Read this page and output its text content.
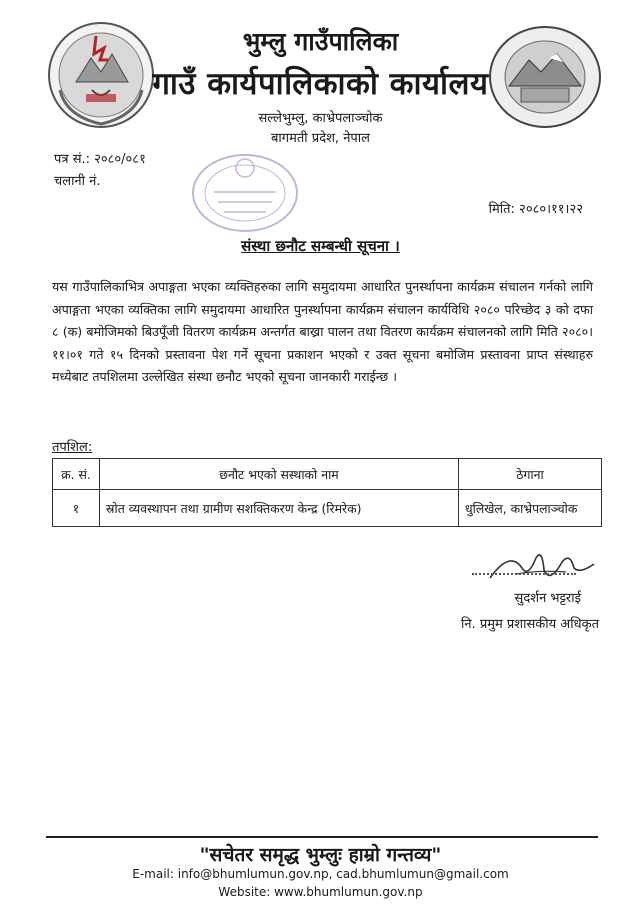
भुम्लु गाउँपालिका
गाउँ कार्यपालिकाको कार्यालय
सल्लेभुम्लु, काभ्रेपलाञ्चोक
बागमती प्रदेश, नेपाल
पत्र सं.: २०८०/०८१
चलानी नं.
मिति: २०८०।११।२२
संस्था छनौट सम्बन्धी सूचना ।
यस गाउँपालिकाभित्र अपाङ्गता भएका व्यक्तिहरुका लागि समुदायमा आधारित पुनर्स्थापना कार्यक्रम संचालन गर्नको लागि अपाङ्गता भएका व्यक्तिका लागि समुदायमा आधारित पुनर्स्थापना कार्यक्रम संचालन कार्यविधि २०८० परिच्छेद ३ को दफा ८ (क) बमोजिमको बिउपूँजी वितरण कार्यक्रम अन्तर्गत बाख्रा पालन तथा वितरण कार्यक्रम संचालनको लागि मिति २०८०।११।०१ गते १५ दिनको प्रस्तावना पेश गर्ने सूचना प्रकाशन भएको र उक्त सूचना बमोजिम प्रस्तावना प्राप्त संस्थाहरु मध्येबाट तपशिलमा उल्लेखित संस्था छनौट भएको सूचना जानकारी गराईन्छ ।
तपशिल:
क्र. सं.	छनौट भएको सस्थाको नाम	ठेगाना
१	स्रोत व्यवस्थापन तथा ग्रामीण सशक्तिकरण केन्द्र (रिमरेक)	धुलिखेल, काभ्रेपलाञ्चोक
सुदर्शन भट्टराई
नि. प्रमुम प्रशासकीय अधिकृत
"सचेतर समृद्ध भुम्लुः हाम्रो गन्तव्य"
E-mail: info@bhumlumun.gov.np, cad.bhumlumun@gmail.com
Website: www.bhumlumun.gov.np
